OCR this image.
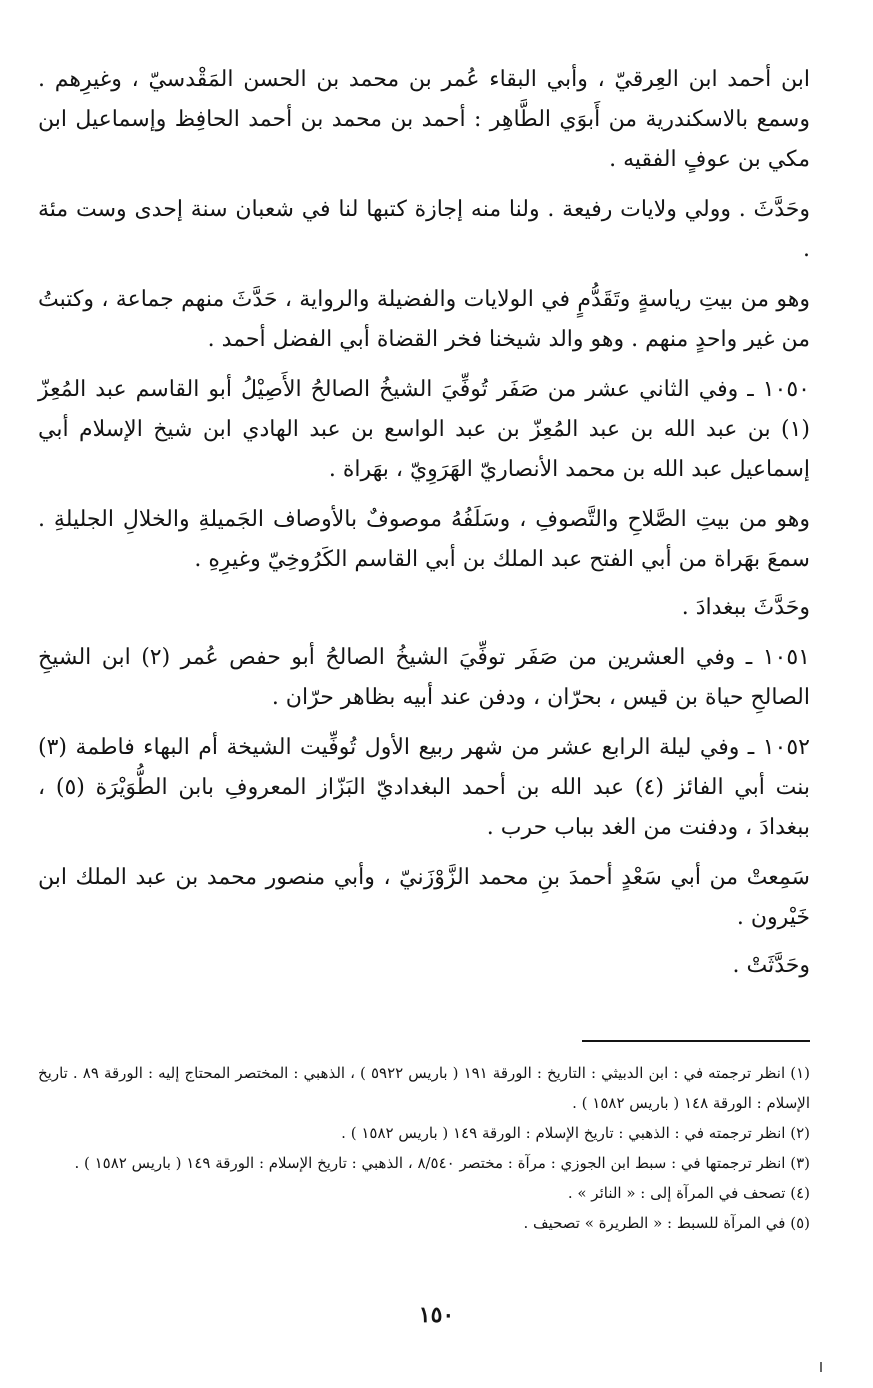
ابن أحمد ابن العِرقيّ ، وأبي البقاء عُمر بن محمد بن الحسن المَقْدسيّ ، وغيرِهم . وسمع بالاسكندرية من أَبوَي الطَّاهِر : أحمد بن محمد بن أحمد الحافِظ وإسماعيل ابن مكي بن عوفٍ الفقيه .

وحَدَّثَ . وولي ولايات رفيعة . ولنا منه إجازة كتبها لنا في شعبان سنة إحدى وست مئة .

وهو من بيتِ رياسةٍ وتَقَدُّمٍ في الولايات والفضيلة والرواية ، حَدَّثَ منهم جماعة ، وكتبتُ من غير واحدٍ منهم . وهو والد شيخنا فخر القضاة أبي الفضل أحمد .

١٠٥٠ ـ وفي الثاني عشر من صَفَر تُوفِّيَ الشيخُ الصالحُ الأَصِيْلُ أبو القاسم عبد المُعِزّ (١) بن عبد الله بن عبد المُعِزّ بن عبد الواسع بن عبد الهادي ابن شيخ الإسلام أبي إسماعيل عبد الله بن محمد الأنصاريّ الهَرَوِيّ ، بهَراة .

وهو من بيتِ الصَّلاحِ والتَّصوفِ ، وسَلَفُهُ موصوفٌ بالأوصاف الجَميلةِ والخلالِ الجليلةِ . سمعَ بهَراة من أبي الفتح عبد الملك بن أبي القاسم الكَرُوخِيّ وغيرِهِ .

وحَدَّثَ ببغدادَ .

١٠٥١ ـ وفي العشرين من صَفَر توفِّيَ الشيخُ الصالحُ أبو حفص عُمر (٢) ابن الشيخِ الصالحِ حياة بن قيس ، بحرّان ، ودفن عند أبيه بظاهر حرّان .

١٠٥٢ ـ وفي ليلة الرابع عشر من شهر ربيع الأول تُوفِّيت الشيخة أم البهاء فاطمة (٣) بنت أبي الفائز (٤) عبد الله بن أحمد البغداديّ البَزّاز المعروفِ بابن الطُّوَيْرَة (٥) ، ببغدادَ ، ودفنت من الغد بباب حرب .

سَمِعتْ من أبي سَعْدٍ أحمدَ بنِ محمد الزَّوْزَنيّ ، وأبي منصور محمد بن عبد الملك ابن خَيْرون .

وحَدَّثَتْ .

(١) انظر ترجمته في : ابن الدبيثي : التاريخ : الورقة ١٩١ ( باريس ٥٩٢٢ ) ، الذهبي : المختصر المحتاج إليه : الورقة ٨٩ . تاريخ الإسلام : الورقة ١٤٨ ( باريس ١٥٨٢ ) .

(٢) انظر ترجمته في : الذهبي : تاريخ الإسلام : الورقة ١٤٩ ( باريس ١٥٨٢ ) .

(٣) انظر ترجمتها في : سبط ابن الجوزي : مرآة : مختصر ٨/٥٤٠ ، الذهبي : تاريخ الإسلام : الورقة ١٤٩ ( باريس ١٥٨٢ ) .

(٤) تصحف في المرآة إلى : « النائر » .

(٥) في المرآة للسبط : « الطريرة » تصحيف .

١٥٠
